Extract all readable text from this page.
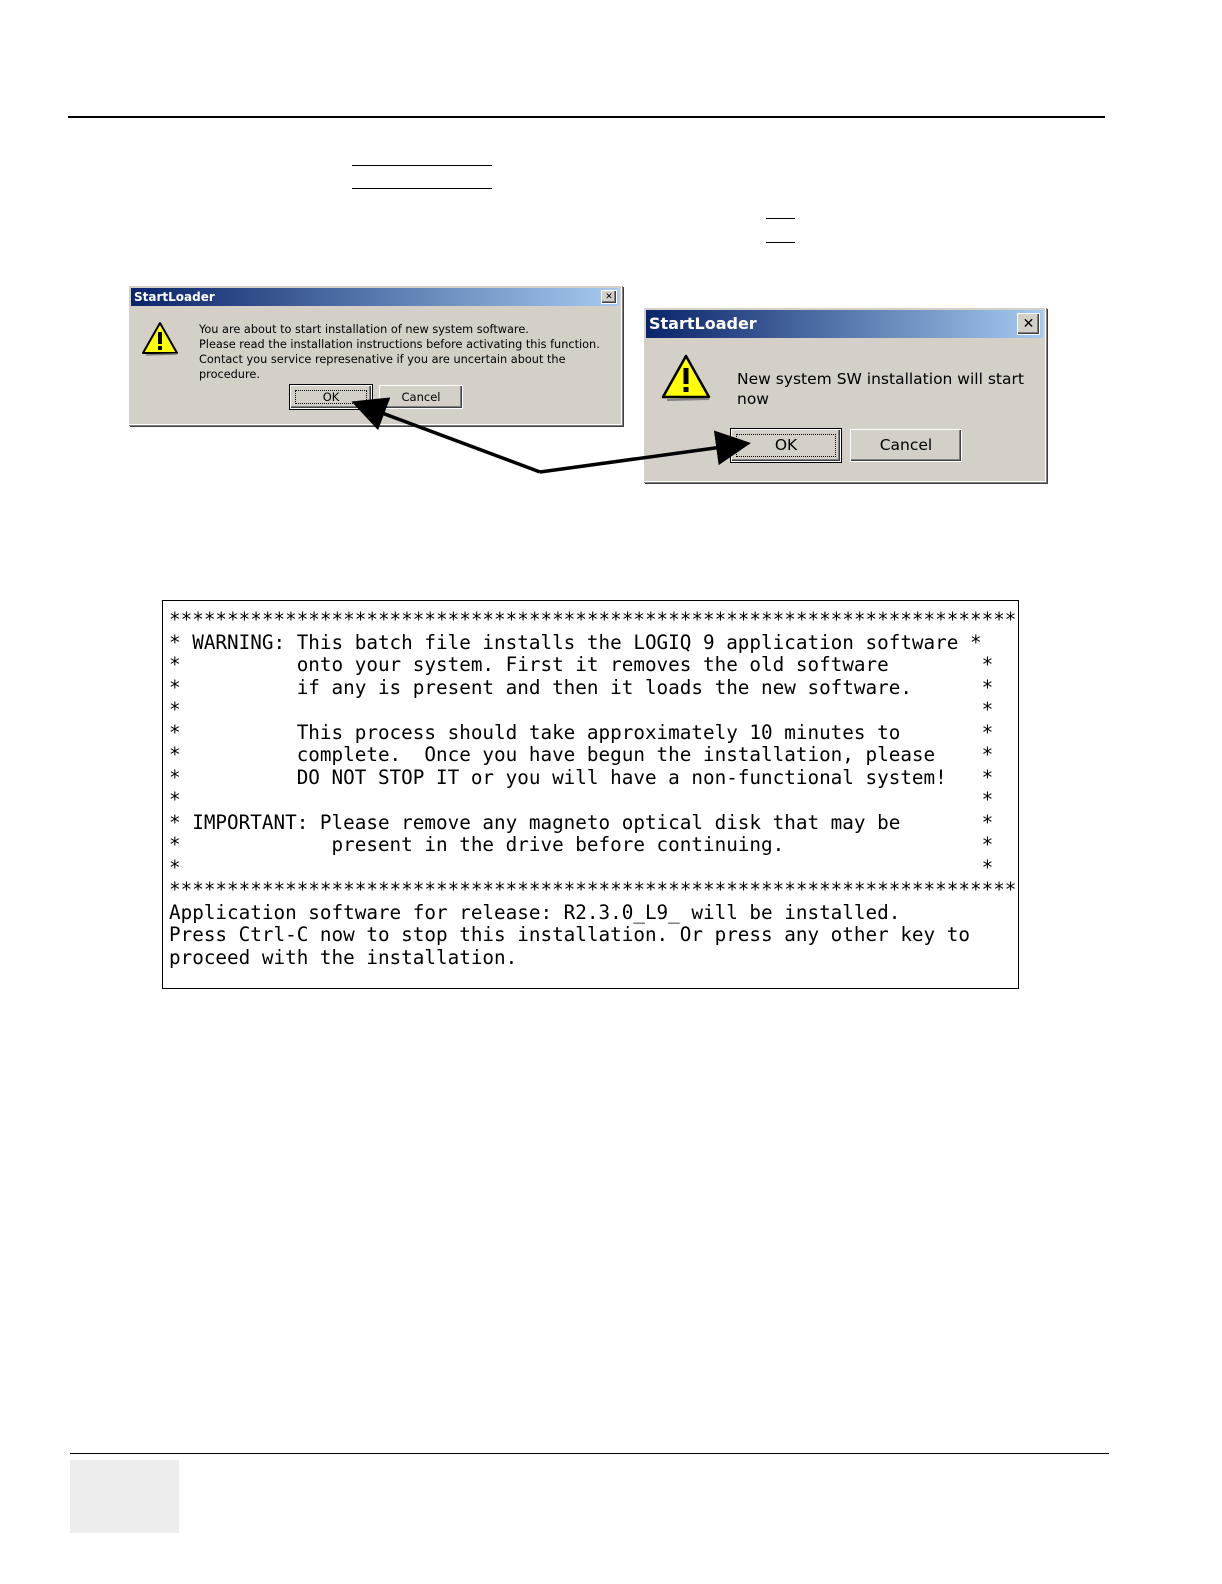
StartLoader	✕
You are about to start installation of new system software.
Please read the installation instructions before activating this function.
Contact you service represenative if you are uncertain about the procedure.
OK	Cancel
StartLoader	✕
New system SW installation will start now
OK	Cancel
*************************************************************************
* WARNING: This batch file installs the LOGIQ 9 application software *
*          onto your system. First it removes the old software        *
*          if any is present and then it loads the new software.      *
*                                                                     *
*          This process should take approximately 10 minutes to       *
*          complete.  Once you have begun the installation, please    *
*          DO NOT STOP IT or you will have a non-functional system!   *
*                                                                     *
* IMPORTANT: Please remove any magneto optical disk that may be       *
*             present in the drive before continuing.                 *
*                                                                     *
*************************************************************************
Application software for release: R2.3.0_L9_ will be installed.
Press Ctrl-C now to stop this installation. Or press any other key to
proceed with the installation.
